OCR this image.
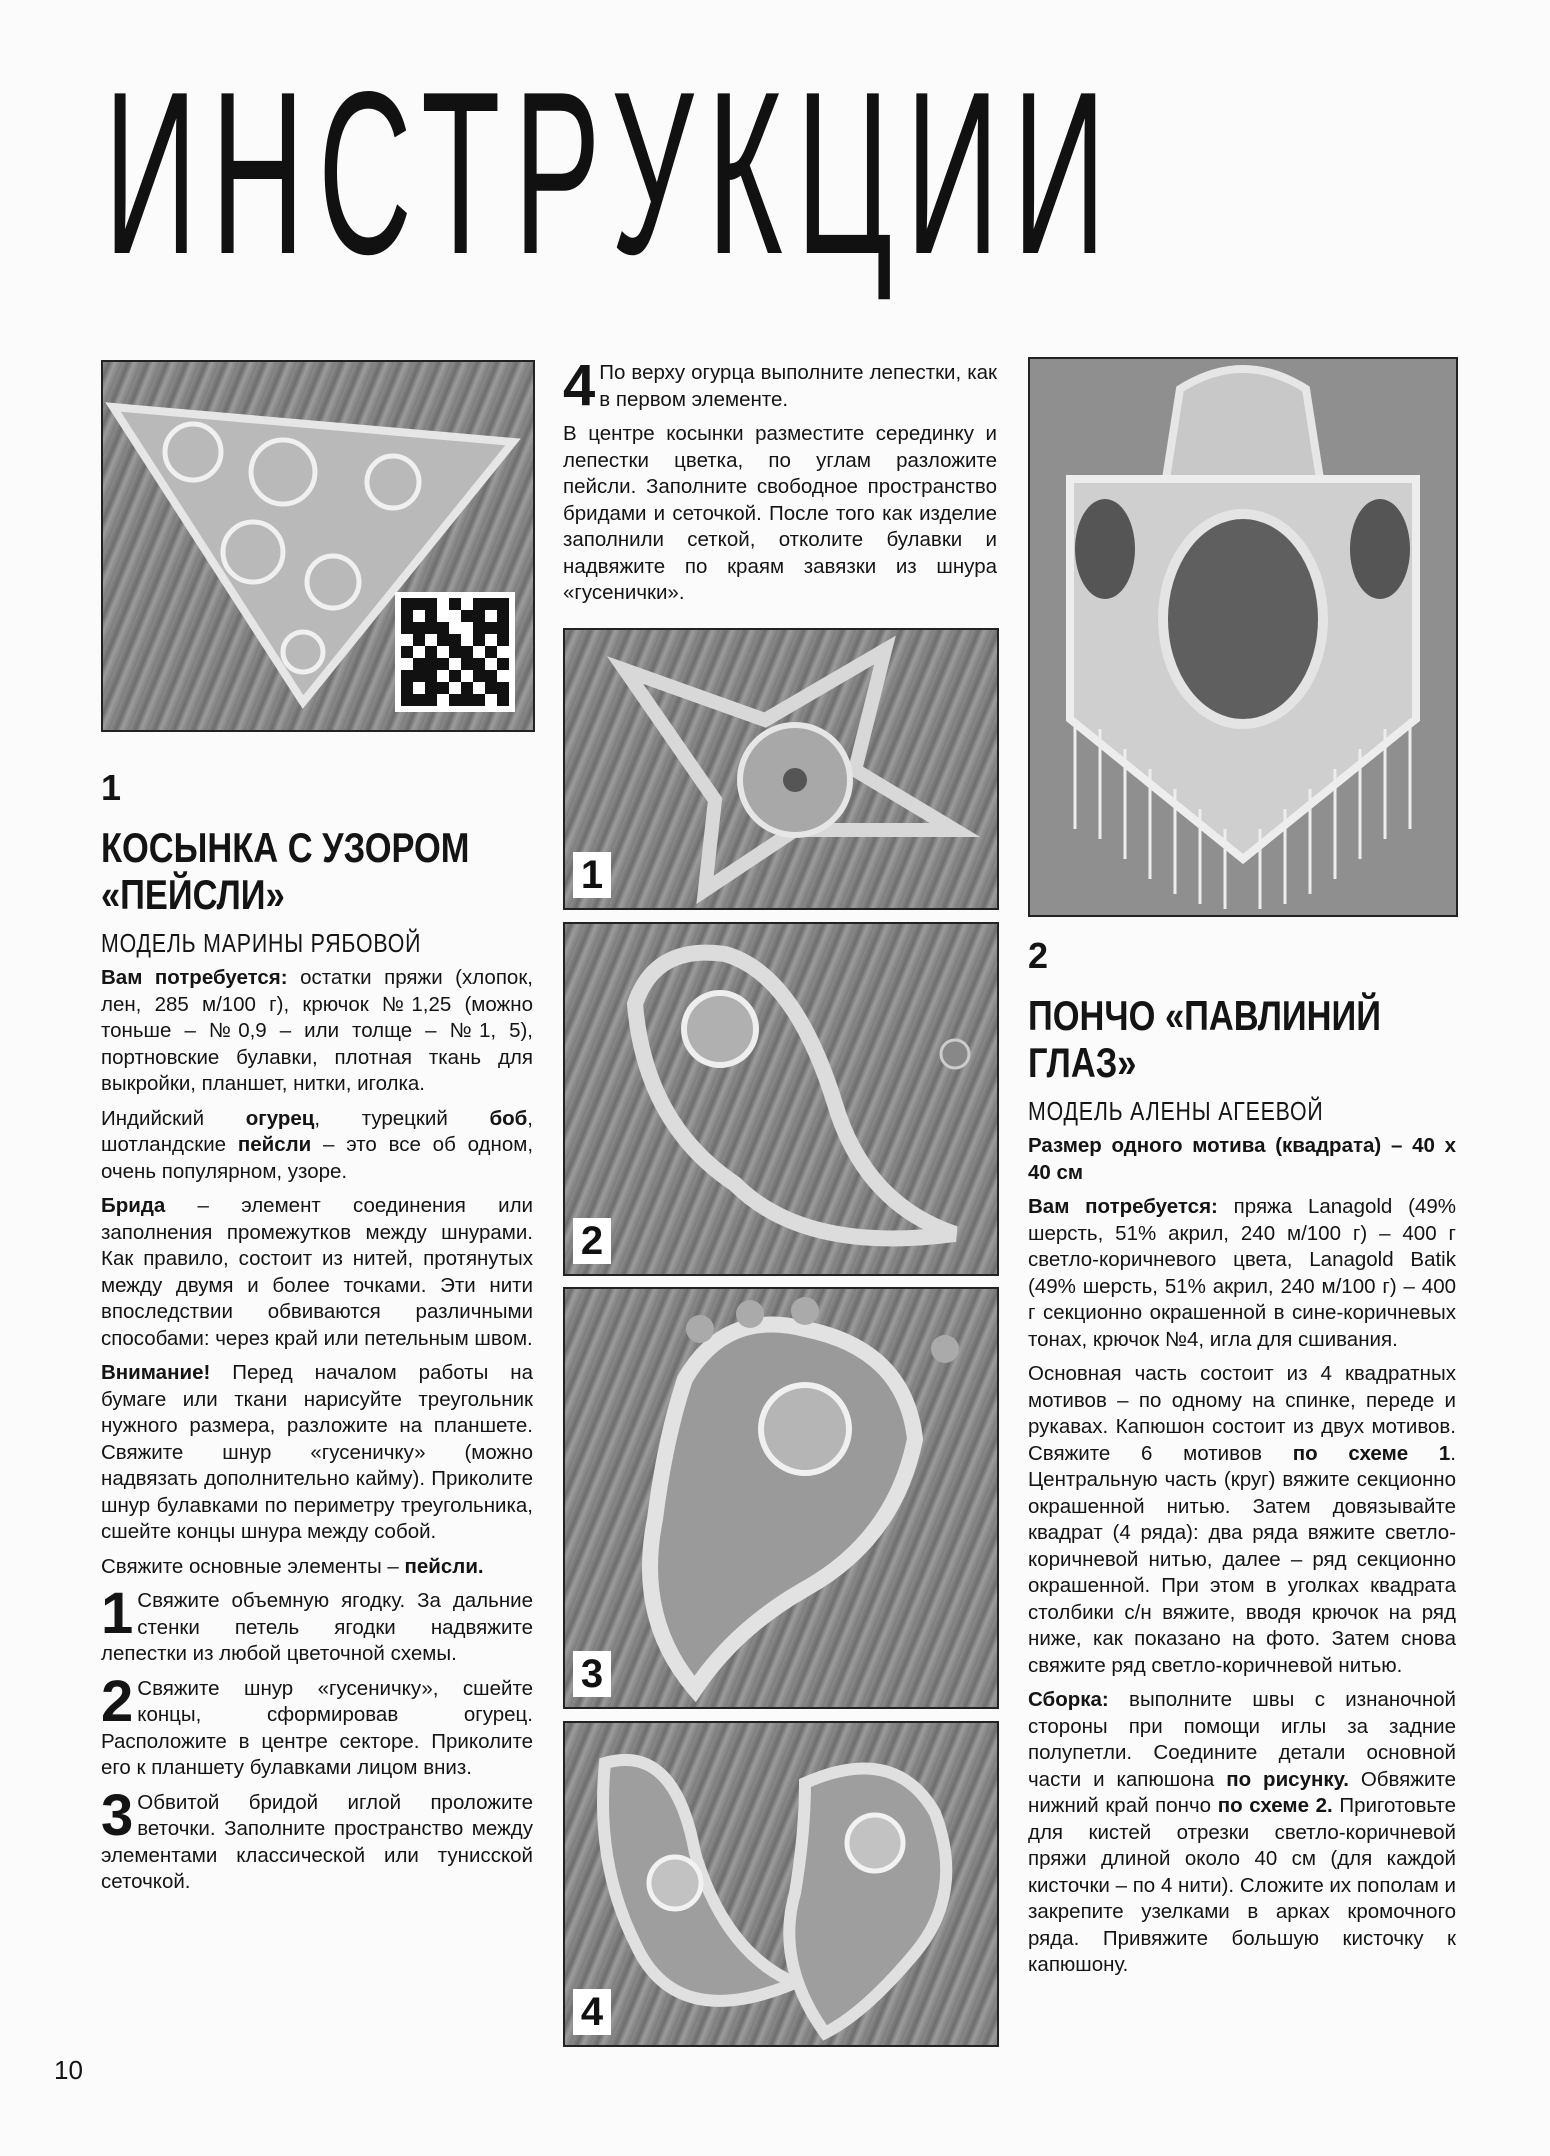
ИНСТРУКЦИИ
1
КОСЫНКА С УЗОРОМ
«ПЕЙСЛИ»
МОДЕЛЬ МАРИНЫ РЯБОВОЙ

Вам потребуется: остатки пряжи (хлопок, лен, 285 м/100 г), крючок №1,25 (можно тоньше – №0,9 – или толще – №1, 5), портновские булавки, плотная ткань для выкройки, планшет, нитки, иголка.

Индийский огурец, турецкий боб, шотландские пейсли – это все об одном, очень популярном, узоре.

Брида – элемент соединения или заполнения промежутков между шнурами. Как правило, состоит из нитей, протянутых между двумя и более точками. Эти нити впоследствии обвиваются различными способами: через край или петельным швом.

Внимание! Перед началом работы на бумаге или ткани нарисуйте треугольник нужного размера, разложите на планшете. Свяжите шнур «гусеничку» (можно надвязать дополнительно кайму). Приколите шнур булавками по периметру треугольника, сшейте концы шнура между собой.

Свяжите основные элементы – пейсли.

1 Свяжите объемную ягодку. За дальние стенки петель ягодки надвяжите лепестки из любой цветочной схемы.

2 Свяжите шнур «гусеничку», сшейте концы, сформировав огурец. Расположите в центре секторе. Приколите его к планшету булавками лицом вниз.

3 Обвитой бридой иглой проложите веточки. Заполните пространство между элементами классической или тунисской сеточкой.

4 По верху огурца выполните лепестки, как в первом элементе.

В центре косынки разместите серединку и лепестки цветка, по углам разложите пейсли. Заполните свободное пространство бридами и сеточкой. После того как изделие заполнили сеткой, отколите булавки и надвяжите по краям завязки из шнура «гусенички».

1
2
3
4
2
ПОНЧО «ПАВЛИНИЙ
ГЛАЗ»
МОДЕЛЬ АЛЕНЫ АГЕЕВОЙ

Размер одного мотива (квадрата) – 40 х 40 см

Вам потребуется: пряжа Lanagold (49% шерсть, 51% акрил, 240 м/100 г) – 400 г светло-коричневого цвета, Lanagold Batik (49% шерсть, 51% акрил, 240 м/100 г) – 400 г секционно окрашенной в сине-коричневых тонах, крючок №4, игла для сшивания.

Основная часть состоит из 4 квадратных мотивов – по одному на спинке, переде и рукавах. Капюшон состоит из двух мотивов. Свяжите 6 мотивов по схеме 1. Центральную часть (круг) вяжите секционно окрашенной нитью. Затем довязывайте квадрат (4 ряда): два ряда вяжите светло-коричневой нитью, далее – ряд секционно окрашенной. При этом в уголках квадрата столбики с/н вяжите, вводя крючок на ряд ниже, как показано на фото. Затем снова свяжите ряд светло-коричневой нитью.

Сборка: выполните швы с изнаночной стороны при помощи иглы за задние полупетли. Соедините детали основной части и капюшона по рисунку. Обвяжите нижний край пончо по схеме 2. Приготовьте для кистей отрезки светло-коричневой пряжи длиной около 40 см (для каждой кисточки – по 4 нити). Сложите их пополам и закрепите узелками в арках кромочного ряда. Привяжите большую кисточку к капюшону.

10
